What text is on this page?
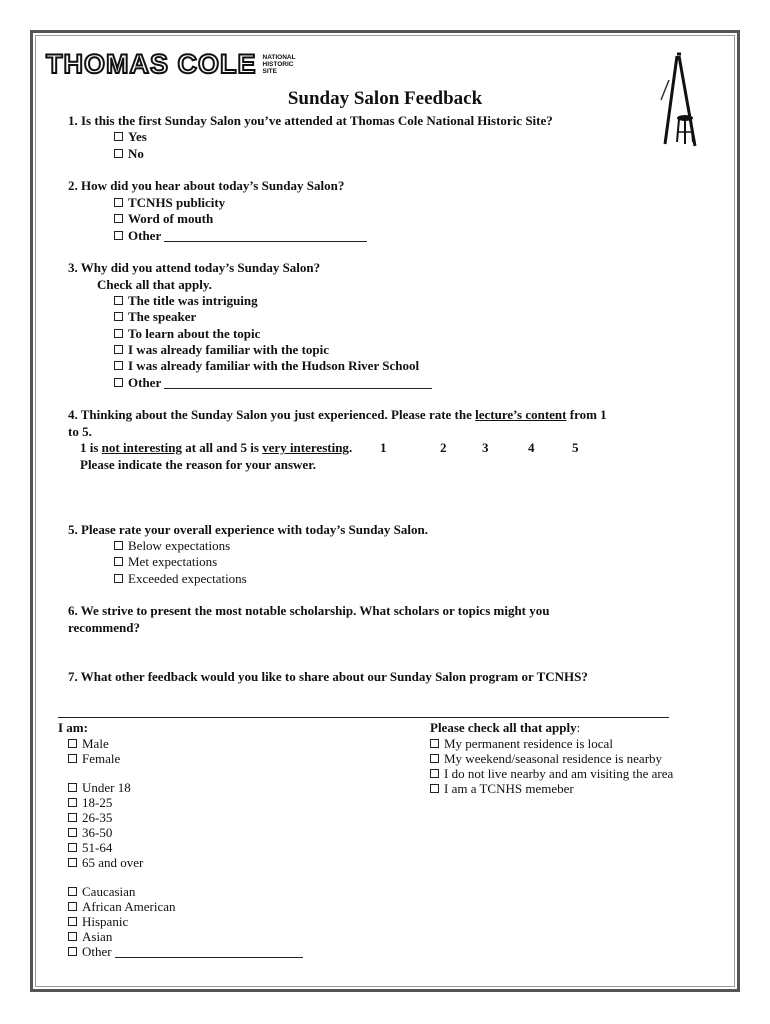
THOMAS COLE NATIONAL
HISTORIC
SITE
Sunday Salon Feedback
1. Is this the first Sunday Salon you’ve attended at Thomas Cole National Historic Site?
Yes
No
2. How did you hear about today’s Sunday Salon?
TCNHS publicity
Word of mouth
Other
3. Why did you attend today’s Sunday Salon?
Check all that apply.
The title was intriguing
The speaker
To learn about the topic
I was already familiar with the topic
I was already familiar with the Hudson River School
Other
4. Thinking about the Sunday Salon you just experienced. Please rate the lecture’s content from 1
to 5.
1 is not interesting at all and 5 is very interesting. 1	2	3	4	5
Please indicate the reason for your answer.
5. Please rate your overall experience with today’s Sunday Salon.
Below expectations
Met expectations
Exceeded expectations
6. We strive to present the most notable scholarship. What scholars or topics might you
recommend?
7. What other feedback would you like to share about our Sunday Salon program or TCNHS?
I am:
Male
Female
Under 18
18-25
26-35
36-50
51-64
65 and over
Caucasian
African American
Hispanic
Asian
Other
Please check all that apply:
My permanent residence is local
My weekend/seasonal residence is nearby
I do not live nearby and am visiting the area
I am a TCNHS memeber
